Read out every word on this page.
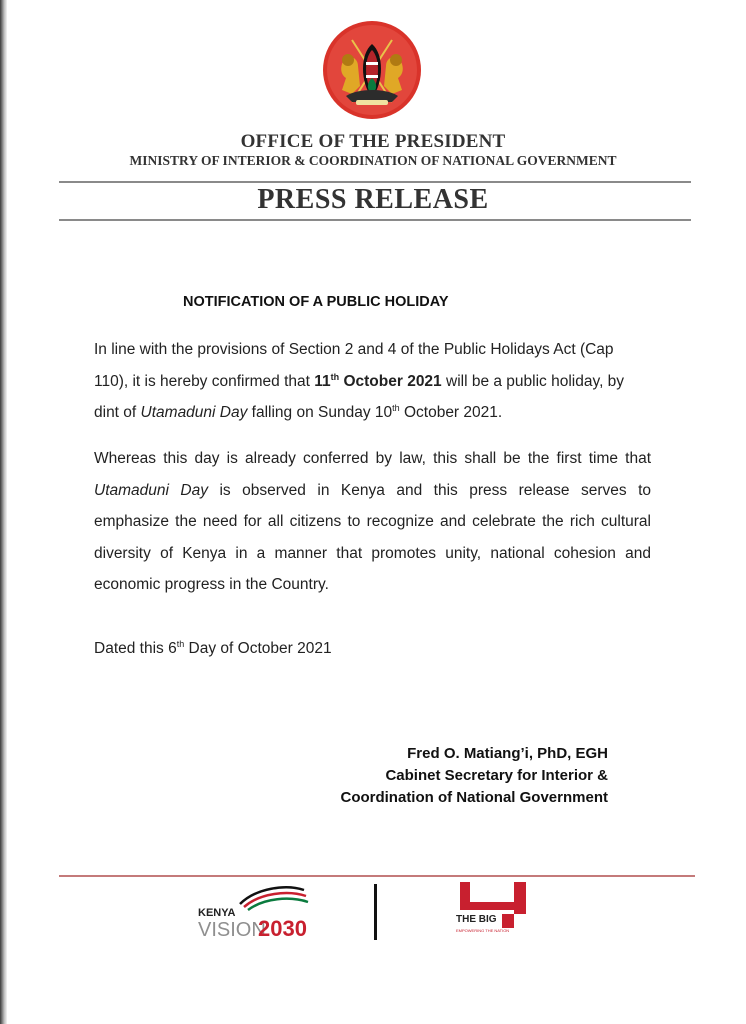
OFFICE OF THE PRESIDENT
MINISTRY OF INTERIOR & COORDINATION OF NATIONAL GOVERNMENT
PRESS RELEASE
NOTIFICATION OF A PUBLIC HOLIDAY

In line with the provisions of Section 2 and 4 of the Public Holidays Act (Cap 110), it is hereby confirmed that 11th October 2021 will be a public holiday, by dint of Utamaduni Day falling on Sunday 10th October 2021.

Whereas this day is already conferred by law, this shall be the first time that Utamaduni Day is observed in Kenya and this press release serves to emphasize the need for all citizens to recognize and celebrate the rich cultural diversity of Kenya in a manner that promotes unity, national cohesion and economic progress in the Country.

Dated this 6th Day of October 2021

Fred O. Matiang’i, PhD, EGH
Cabinet Secretary for Interior &
Coordination of National Government
KENYA
VISION
2030	THE BIG
EMPOWERING THE NATION
